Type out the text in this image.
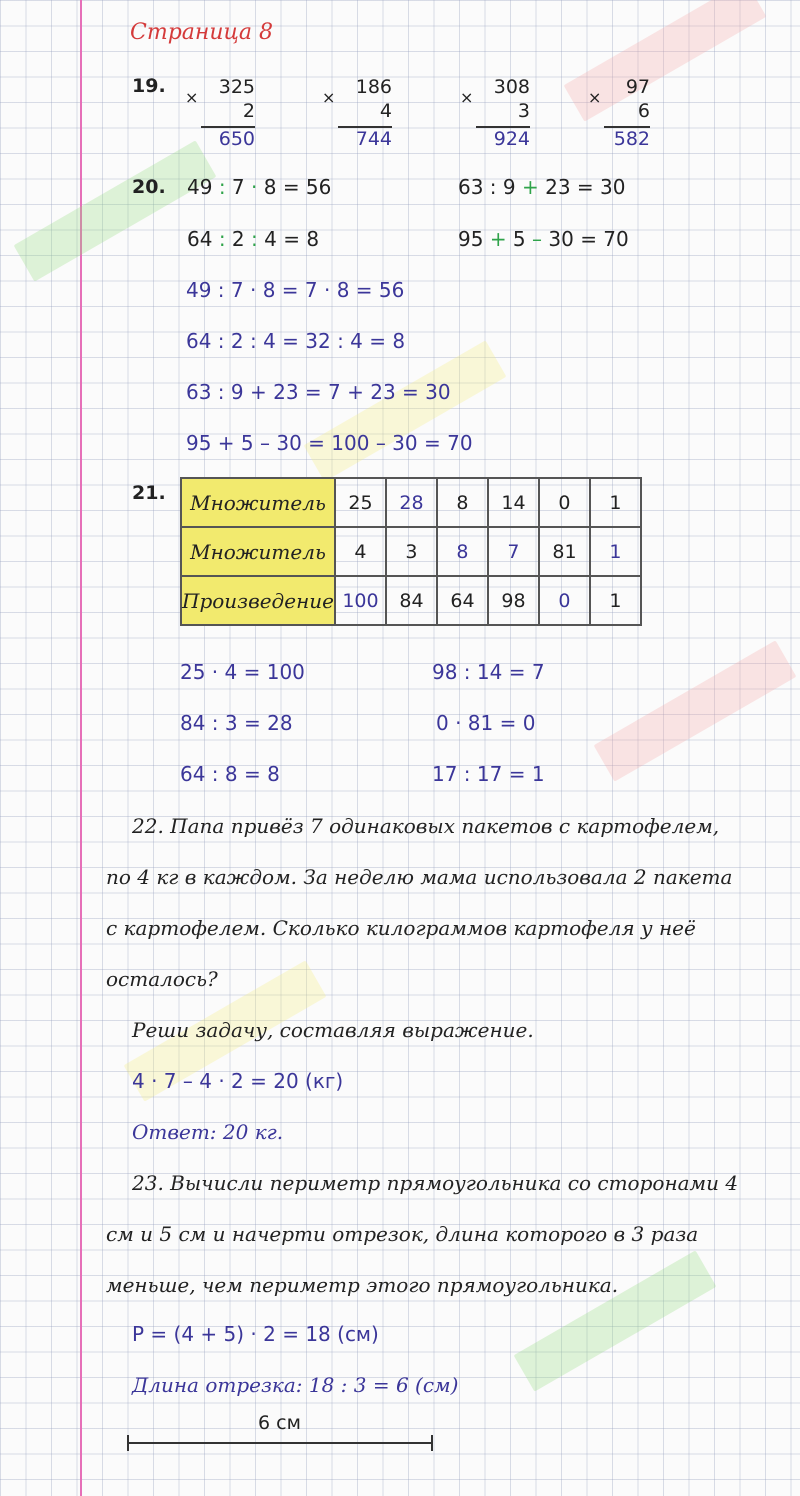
Страница 8
19.
× 325
2
650
× 186
4
744
× 308
3
924
× 97
6
582
20. 49 : 7 · 8 = 56	63 : 9 + 23 = 30
64 : 2 : 4 = 8	95 + 5 – 30 = 70
49 : 7 · 8 = 7 · 8 = 56
64 : 2 : 4 = 32 : 4 = 8
63 : 9 + 23 = 7 + 23 = 30
95 + 5 – 30 = 100 – 30 = 70
21. Множитель	25	28	8	14	0	1
Множитель	4	3	8	7	81	1
Произведение	100	84	64	98	0	1
25 · 4 = 100
84 : 3 = 28
64 : 8 = 8
98 : 14 = 7
0 · 81 = 0
17 : 17 = 1
22. Папа привёз 7 одинаковых пакетов с картофелем,
по 4 кг в каждом. За неделю мама использовала 2 пакета
с картофелем. Сколько килограммов картофеля у неё
осталось?
Реши задачу, составляя выражение.
4 · 7 – 4 · 2 = 20 (кг)
Ответ: 20 кг.
23. Вычисли периметр прямоугольника со сторонами 4
см и 5 см и начерти отрезок, длина которого в 3 раза
меньше, чем периметр этого прямоугольника.
P = (4 + 5) · 2 = 18 (см)
Длина отрезка: 18 : 3 = 6 (см)
6 см
